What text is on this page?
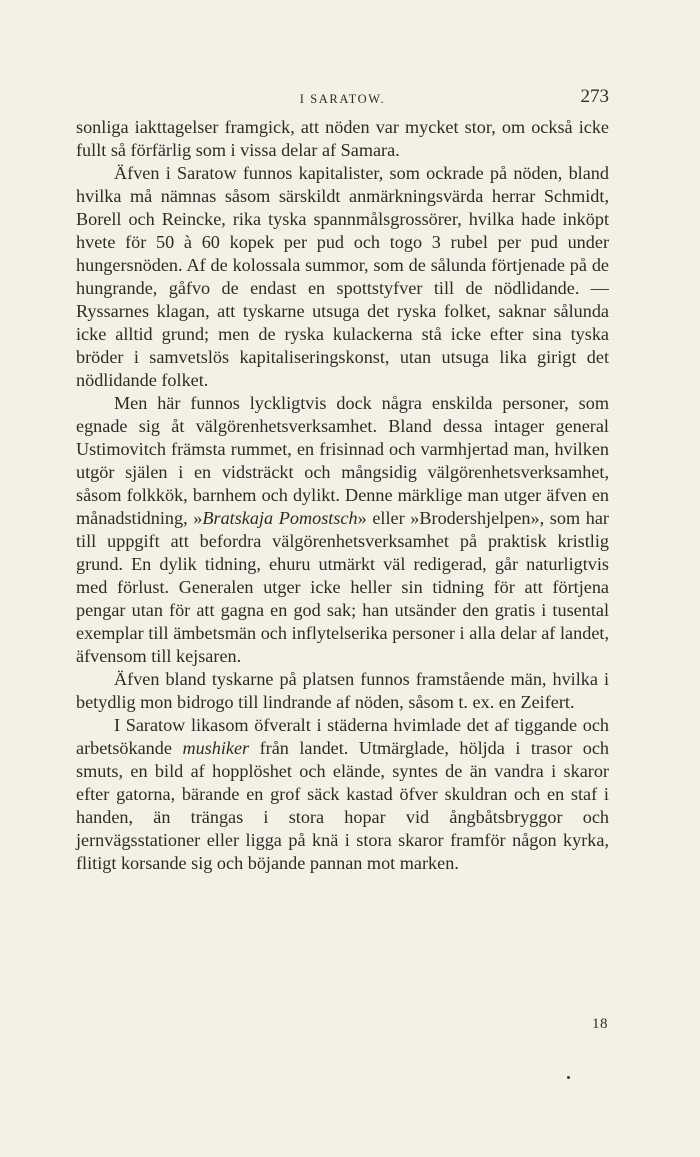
I SARATOW.	273

sonliga iakttagelser framgick, att nöden var mycket stor, om också icke fullt så förfärlig som i vissa delar af Samara.

Äfven i Saratow funnos kapitalister, som ockrade på nöden, bland hvilka må nämnas såsom särskildt anmärkningsvärda herrar Schmidt, Borell och Reincke, rika tyska spannmålsgrossörer, hvilka hade inköpt hvete för 50 à 60 kopek per pud och togo 3 rubel per pud under hungersnöden. Af de kolossala summor, som de sålunda förtjenade på de hungrande, gåfvo de endast en spottstyfver till de nödlidande. — Ryssarnes klagan, att tyskarne utsuga det ryska folket, saknar sålunda icke alltid grund; men de ryska kulackerna stå icke efter sina tyska bröder i samvetslös kapitaliseringskonst, utan utsuga lika girigt det nödlidande folket.

Men här funnos lyckligtvis dock några enskilda personer, som egnade sig åt välgörenhetsverksamhet. Bland dessa intager general Ustimovitch främsta rummet, en frisinnad och varmhjertad man, hvilken utgör själen i en vidsträckt och mångsidig välgörenhetsverksamhet, såsom folkkök, barnhem och dylikt. Denne märklige man utger äfven en månadstidning, »Bratskaja Pomostsch» eller »Brodershjelpen», som har till uppgift att befordra välgörenhetsverksamhet på praktisk kristlig grund. En dylik tidning, ehuru utmärkt väl redigerad, går naturligtvis med förlust. Generalen utger icke heller sin tidning för att förtjena pengar utan för att gagna en god sak; han utsänder den gratis i tusental exemplar till ämbetsmän och inflytelserika personer i alla delar af landet, äfvensom till kejsaren.

Äfven bland tyskarne på platsen funnos framstående män, hvilka i betydlig mon bidrogo till lindrande af nöden, såsom t. ex. en Zeifert.

I Saratow likasom öfveralt i städerna hvimlade det af tiggande och arbetsökande mushiker från landet. Utmärglade, höljda i trasor och smuts, en bild af hopplöshet och elände, syntes de än vandra i skaror efter gatorna, bärande en grof säck kastad öfver skuldran och en staf i handen, än trängas i stora hopar vid ångbåtsbryggor och jernvägsstationer eller ligga på knä i stora skaror framför någon kyrka, flitigt korsande sig och böjande pannan mot marken.

18
